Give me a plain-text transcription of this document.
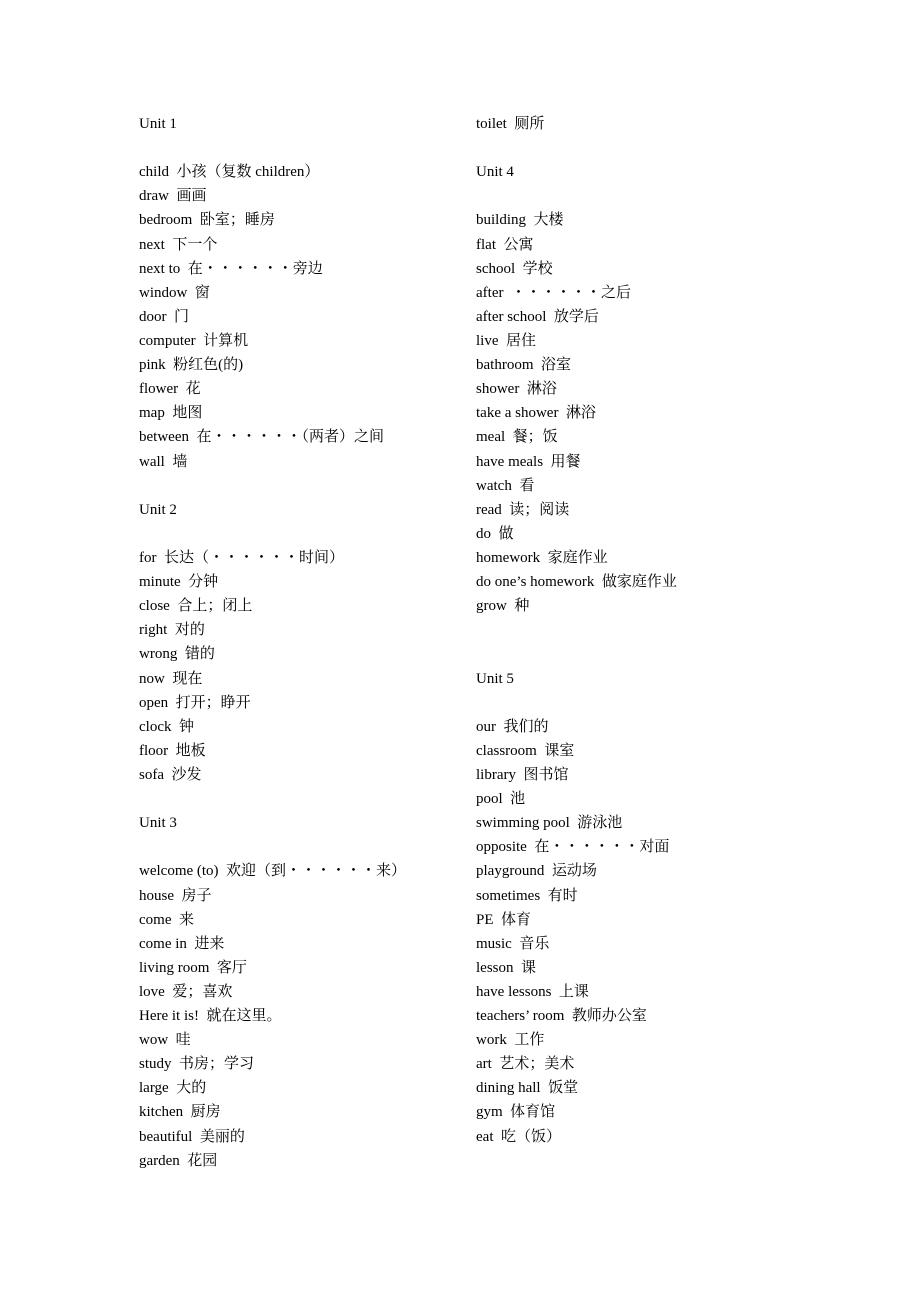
Unit 1
child  小孩（复数 children）
draw  画画
bedroom  卧室；睡房
next  下一个
next to  在・・・・・・旁边
window  窗
door  门
computer  计算机
pink  粉红色(的)
flower  花
map  地图
between  在・・・・・・（两者）之间
wall  墙
Unit 2
for  长达（・・・・・・时间）
minute  分钟
close  合上；闭上
right  对的
wrong  错的
now  现在
open  打开；睁开
clock  钟
floor  地板
sofa  沙发
Unit 3
welcome (to)  欢迎（到・・・・・・来）
house  房子
come  来
come in  进来
living room  客厅
love  爱；喜欢
Here it is!  就在这里。
wow  哇
study  书房；学习
large  大的
kitchen  厨房
beautiful  美丽的
garden  花园
toilet  厕所
Unit 4
building  大楼
flat  公寓
school  学校
after  ・・・・・・之后
after school  放学后
live  居住
bathroom  浴室
shower  淋浴
take a shower  淋浴
meal  餐；饭
have meals  用餐
watch  看
read  读；阅读
do  做
homework  家庭作业
do one’s homework  做家庭作业
grow  种
Unit 5
our  我们的
classroom  课室
library  图书馆
pool  池
swimming pool  游泳池
opposite  在・・・・・・对面
playground  运动场
sometimes  有时
PE  体育
music  音乐
lesson  课
have lessons  上课
teachers’ room  教师办公室
work  工作
art  艺术；美术
dining hall  饭堂
gym  体育馆
eat  吃（饭）
